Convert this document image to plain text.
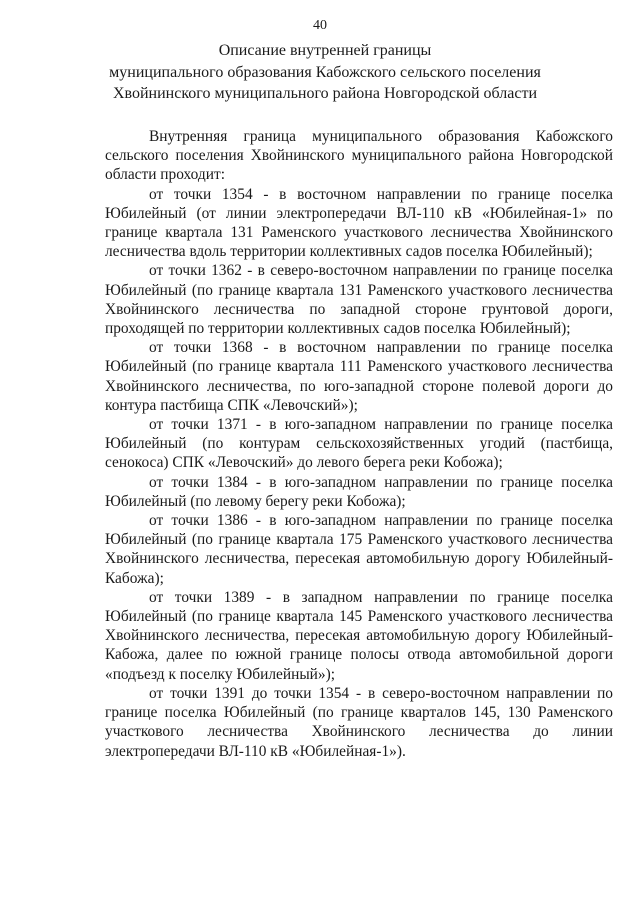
40
Описание внутренней границы
муниципального образования Кабожского сельского поселения
Хвойнинского муниципального района Новгородской области

Внутренняя граница муниципального образования Кабожского сельского поселения Хвойнинского муниципального района Новгородской области проходит:

от точки 1354 - в восточном направлении по границе поселка Юбилейный (от линии электропередачи ВЛ-110 кВ «Юбилейная-1» по границе квартала 131 Раменского участкового лесничества Хвойнинского лесничества вдоль территории коллективных садов поселка Юбилейный);

от точки 1362 - в северо-восточном направлении по границе поселка Юбилейный (по границе квартала 131 Раменского участкового лесничества Хвойнинского лесничества по западной стороне грунтовой дороги, проходящей по территории коллективных садов поселка Юбилейный);

от точки 1368 - в восточном направлении по границе поселка Юбилейный (по границе квартала 111 Раменского участкового лесничества Хвойнинского лесничества, по юго-западной стороне полевой дороги до контура пастбища СПК «Левочский»);

от точки 1371 - в юго-западном направлении по границе поселка Юбилейный (по контурам сельскохозяйственных угодий (пастбища, сенокоса) СПК «Левочский» до левого берега реки Кобожа);

от точки 1384 - в юго-западном направлении по границе поселка Юбилейный (по левому берегу реки Кобожа);

от точки 1386 - в юго-западном направлении по границе поселка Юбилейный (по границе квартала 175 Раменского участкового лесничества Хвойнинского лесничества, пересекая автомобильную дорогу Юбилейный-Кабожа);

от точки 1389 - в западном направлении по границе поселка Юбилейный (по границе квартала 145 Раменского участкового лесничества Хвойнинского лесничества, пересекая автомобильную дорогу Юбилейный-Кабожа, далее по южной границе полосы отвода автомобильной дороги «подъезд к поселку Юбилейный»);

от точки 1391 до точки 1354 - в северо-восточном направлении по границе поселка Юбилейный (по границе кварталов 145, 130 Раменского участкового лесничества Хвойнинского лесничества до линии электропередачи ВЛ-110 кВ «Юбилейная-1»).
